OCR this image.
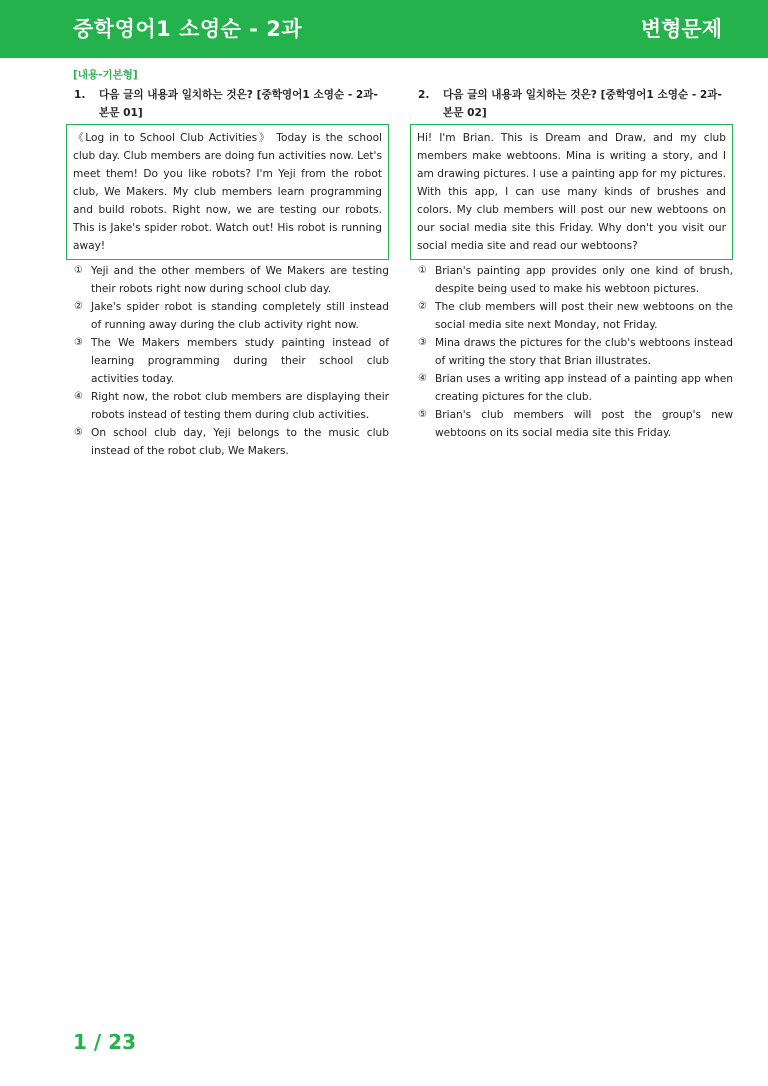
중학영어1 소영순 - 2과	변형문제
[내용-기본형]
1. 다음 글의 내용과 일치하는 것은? [중학영어1 소영순 - 2과-본문 01]
《Log in to School Club Activities》 Today is the school club day. Club members are doing fun activities now. Let's meet them! Do you like robots? I'm Yeji from the robot club, We Makers. My club members learn programming and build robots. Right now, we are testing our robots. This is Jake's spider robot. Watch out! His robot is running away!
① Yeji and the other members of We Makers are testing their robots right now during school club day.
② Jake's spider robot is standing completely still instead of running away during the club activity right now.
③ The We Makers members study painting instead of learning programming during their school club activities today.
④ Right now, the robot club members are displaying their robots instead of testing them during club activities.
⑤ On school club day, Yeji belongs to the music club instead of the robot club, We Makers.
2. 다음 글의 내용과 일치하는 것은? [중학영어1 소영순 - 2과-본문 02]
Hi! I'm Brian. This is Dream and Draw, and my club members make webtoons. Mina is writing a story, and I am drawing pictures. I use a painting app for my pictures. With this app, I can use many kinds of brushes and colors. My club members will post our new webtoons on our social media site this Friday. Why don't you visit our social media site and read our webtoons?
① Brian's painting app provides only one kind of brush, despite being used to make his webtoon pictures.
② The club members will post their new webtoons on the social media site next Monday, not Friday.
③ Mina draws the pictures for the club's webtoons instead of writing the story that Brian illustrates.
④ Brian uses a writing app instead of a painting app when creating pictures for the club.
⑤ Brian's club members will post the group's new webtoons on its social media site this Friday.
1 / 23
